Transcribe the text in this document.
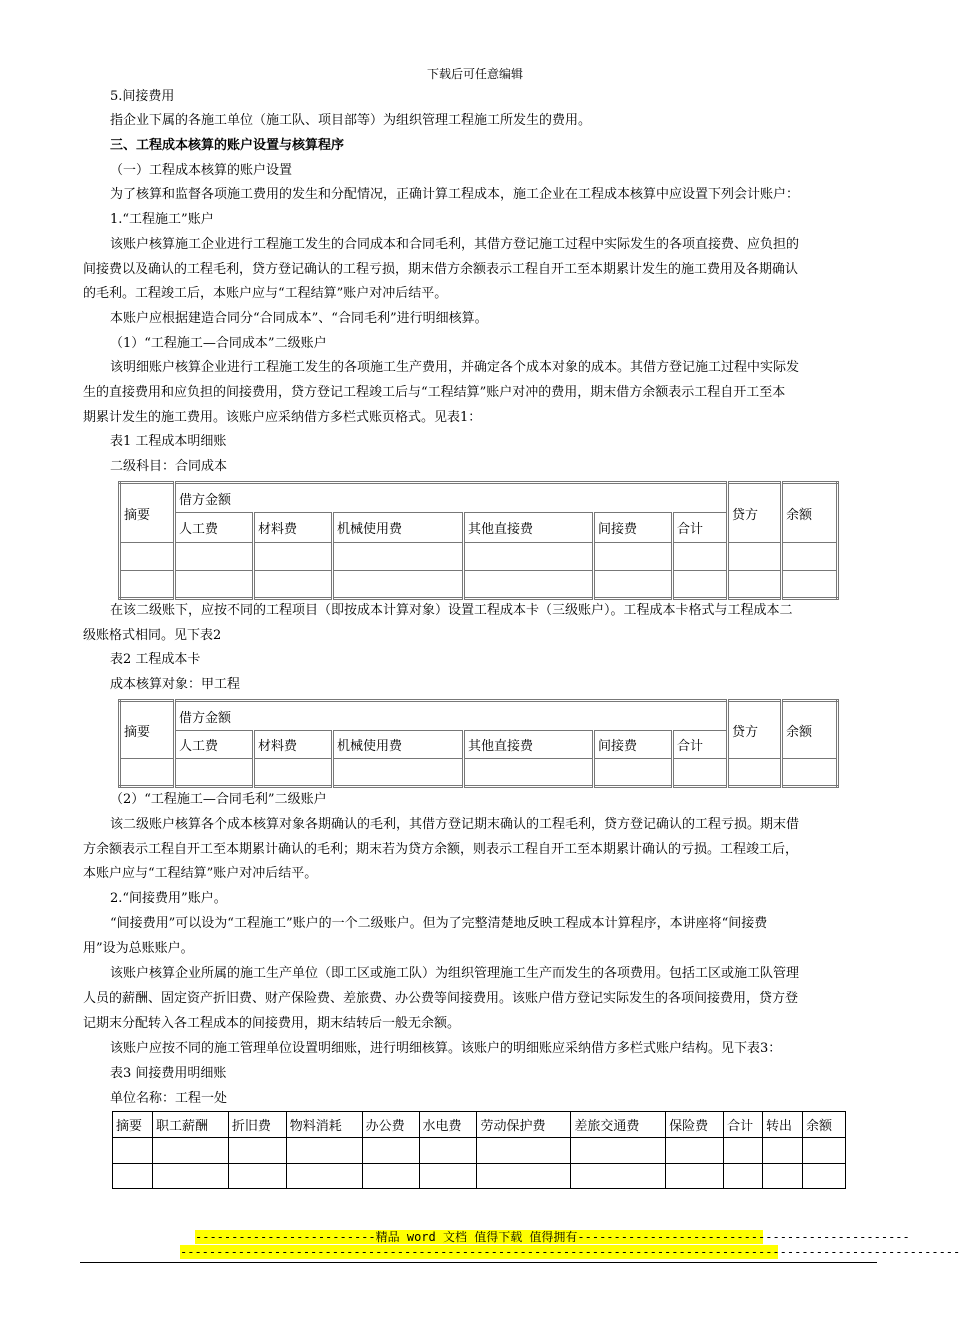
下载后可任意编辑
5.间接费用
指企业下属的各施工单位（施工队、项目部等）为组织管理工程施工所发生的费用。
三、工程成本核算的账户设置与核算程序
（一）工程成本核算的账户设置
为了核算和监督各项施工费用的发生和分配情况，正确计算工程成本，施工企业在工程成本核算中应设置下列会计账户：
1.“工程施工”账户
该账户核算施工企业进行工程施工发生的合同成本和合同毛利，其借方登记施工过程中实际发生的各项直接费、应负担的
间接费以及确认的工程毛利，贷方登记确认的工程亏损，期末借方余额表示工程自开工至本期累计发生的施工费用及各期确认
的毛利。工程竣工后，本账户应与“工程结算”账户对冲后结平。
本账户应根据建造合同分“合同成本”、“合同毛利”进行明细核算。
（1）“工程施工—合同成本”二级账户
该明细账户核算企业进行工程施工发生的各项施工生产费用，并确定各个成本对象的成本。其借方登记施工过程中实际发
生的直接费用和应负担的间接费用，贷方登记工程竣工后与“工程结算”账户对冲的费用，期末借方余额表示工程自开工至本
期累计发生的施工费用。该账户应采纳借方多栏式账页格式。见表1：
表1 工程成本明细账
二级科目：合同成本
摘要	借方金额						贷方	余额
	人工费	材料费	机械使用费	其他直接费	间接费	合计		

在该二级账下，应按不同的工程项目（即按成本计算对象）设置工程成本卡（三级账户）。工程成本卡格式与工程成本二
级账格式相同。见下表2
表2 工程成本卡
成本核算对象：甲工程
摘要	借方金额						贷方	余额
	人工费	材料费	机械使用费	其他直接费	间接费	合计		

（2）“工程施工—合同毛利”二级账户
该二级账户核算各个成本核算对象各期确认的毛利，其借方登记期末确认的工程毛利，贷方登记确认的工程亏损。期末借
方余额表示工程自开工至本期累计确认的毛利；期末若为贷方余额，则表示工程自开工至本期累计确认的亏损。工程竣工后，
本账户应与“工程结算”账户对冲后结平。
2.“间接费用”账户。
“间接费用”可以设为“工程施工”账户的一个二级账户。但为了完整清楚地反映工程成本计算程序，本讲座将“间接费
用”设为总账账户。
该账户核算企业所属的施工生产单位（即工区或施工队）为组织管理施工生产而发生的各项费用。包括工区或施工队管理
人员的薪酬、固定资产折旧费、财产保险费、差旅费、办公费等间接费用。该账户借方登记实际发生的各项间接费用，贷方登
记期末分配转入各工程成本的间接费用，期末结转后一般无余额。
该账户应按不同的施工管理单位设置明细账，进行明细核算。该账户的明细账应采纳借方多栏式账户结构。见下表3：
表3 间接费用明细账
单位名称：工程一处
摘要	职工薪酬	折旧费	物料消耗	办公费	水电费	劳动保护费	差旅交通费	保险费	合计	转出	余额

-------------------------精品 word 文档 值得下载 值得拥有----------------------------------------------
------------------------------------------------------------------------------------------------------------
